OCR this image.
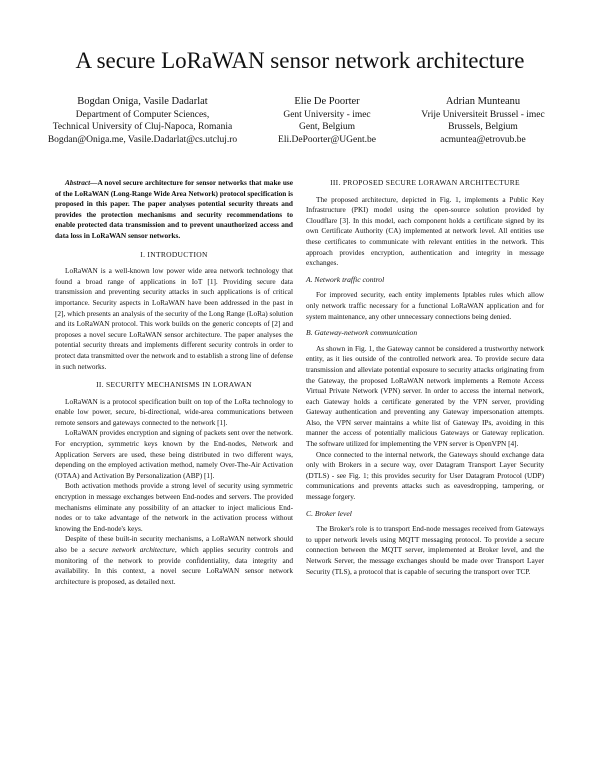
A secure LoRaWAN sensor network architecture
Bogdan Oniga, Vasile Dadarlat
Department of Computer Sciences,
Technical University of Cluj-Napoca, Romania
Bogdan@Oniga.me, Vasile.Dadarlat@cs.utcluj.ro
Elie De Poorter
Gent University - imec
Gent, Belgium
Eli.DePoorter@UGent.be
Adrian Munteanu
Vrije Universiteit Brussel - imec
Brussels, Belgium
acmuntea@etrovub.be

Abstract—A novel secure architecture for sensor networks that make use of the LoRaWAN (Long-Range Wide Area Network) protocol specification is proposed in this paper. The paper analyses potential security threats and provides the protection mechanisms and security recommendations to enable protected data transmission and to prevent unauthorized access and data loss in LoRaWAN sensor networks.

I. INTRODUCTION

LoRaWAN is a well-known low power wide area network technology that found a broad range of applications in IoT [1]. Providing secure data transmission and preventing security attacks in such applications is of critical importance. Security aspects in LoRaWAN have been addressed in the past in [2], which presents an analysis of the security of the Long Range (LoRa) solution and its LoRaWAN protocol. This work builds on the generic concepts of [2] and proposes a novel secure LoRaWAN sensor architecture. The paper analyses the potential security threats and implements different security controls in order to protect data transmitted over the network and to establish a strong line of defense in such networks.

II. SECURITY MECHANISMS IN LORAWAN

LoRaWAN is a protocol specification built on top of the LoRa technology to enable low power, secure, bi-directional, wide-area communications between remote sensors and gateways connected to the network [1].

LoRaWAN provides encryption and signing of packets sent over the network. For encryption, symmetric keys known by the End-nodes, Network and Application Servers are used, these being distributed in two different ways, depending on the employed activation method, namely Over-The-Air Activation (OTAA) and Activation By Personalization (ABP) [1].

Both activation methods provide a strong level of security using symmetric encryption in message exchanges between End-nodes and servers. The provided mechanisms eliminate any possibility of an attacker to inject malicious End-nodes or to take advantage of the network in the activation process without knowing the End-node's keys.

Despite of these built-in security mechanisms, a LoRaWAN network should also be a secure network architecture, which applies security controls and monitoring of the network to provide confidentiality, data integrity and availability. In this context, a novel secure LoRaWAN sensor network architecture is proposed, as detailed next.

III. PROPOSED SECURE LORAWAN ARCHITECTURE

The proposed architecture, depicted in Fig. 1, implements a Public Key Infrastructure (PKI) model using the open-source solution provided by Cloudflare [3]. In this model, each component holds a certificate signed by its own Certificate Authority (CA) implemented at network level. All entities use these certificates to communicate with relevant entities in the network. This approach provides encryption, authentication and integrity in message exchanges.

A. Network traffic control

For improved security, each entity implements Iptables rules which allow only network traffic necessary for a functional LoRaWAN application and for system maintenance, any other unnecessary connections being denied.

B. Gateway-network communication

As shown in Fig. 1, the Gateway cannot be considered a trustworthy network entity, as it lies outside of the controlled network area. To provide secure data transmission and alleviate potential exposure to security attacks originating from the Gateway, the proposed LoRaWAN network implements a Remote Access Virtual Private Network (VPN) server. In order to access the internal network, each Gateway holds a certificate generated by the VPN server, providing Gateway authentication and preventing any Gateway impersonation attempts. Also, the VPN server maintains a white list of Gateway IPs, avoiding in this manner the access of potentially malicious Gateways or Gateway replication. The software utilized for implementing the VPN server is OpenVPN [4].

Once connected to the internal network, the Gateways should exchange data only with Brokers in a secure way, over Datagram Transport Layer Security (DTLS) - see Fig. 1; this provides security for User Datagram Protocol (UDP) communications and prevents attacks such as eavesdropping, tampering, or message forgery.

C. Broker level

The Broker's role is to transport End-node messages received from Gateways to upper network levels using MQTT messaging protocol. To provide a secure connection between the MQTT server, implemented at Broker level, and the Network Server, the message exchanges should be made over Transport Layer Security (TLS), a protocol that is capable of securing the transport over TCP.
